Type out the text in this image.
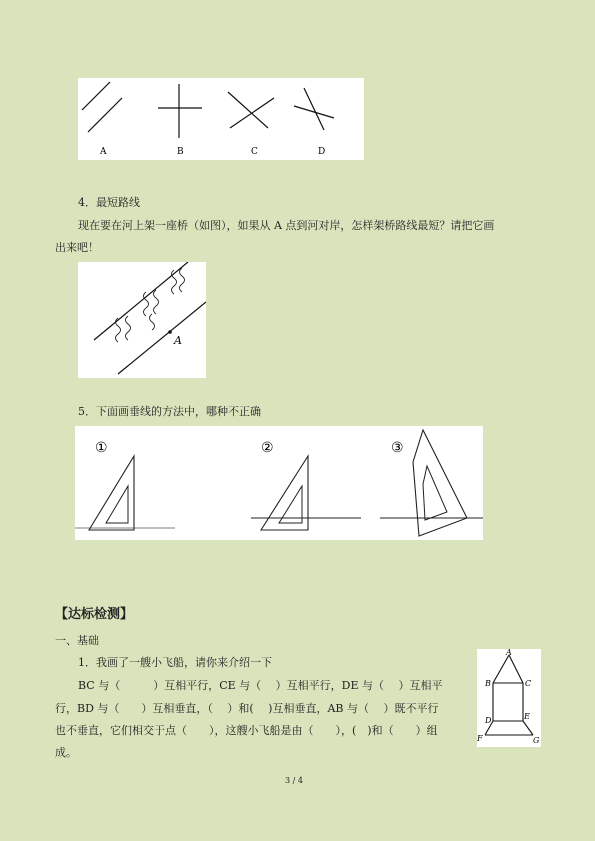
A	B	C	D
4．最短路线
现在要在河上架一座桥（如图），如果从 A 点到河对岸，怎样架桥路线最短？请把它画
出来吧！
A
5．下面画垂线的方法中，哪种不正确
①	②	③
【达标检测】
一、基础
1．我画了一艘小飞船，请你来介绍一下
BC 与（　　　）互相平行，CE 与（　 ）互相平行，DE 与（　 ）互相平
行，BD 与（　　）互相垂直，（　 ）和(　 )互相垂直，AB 与（　 ）既不平行
也不垂直，它们相交于点（　　），这艘小飞船是由（　　），(　)和（　　）组
成。
A
B	C
D	E
F	G
3 / 4
